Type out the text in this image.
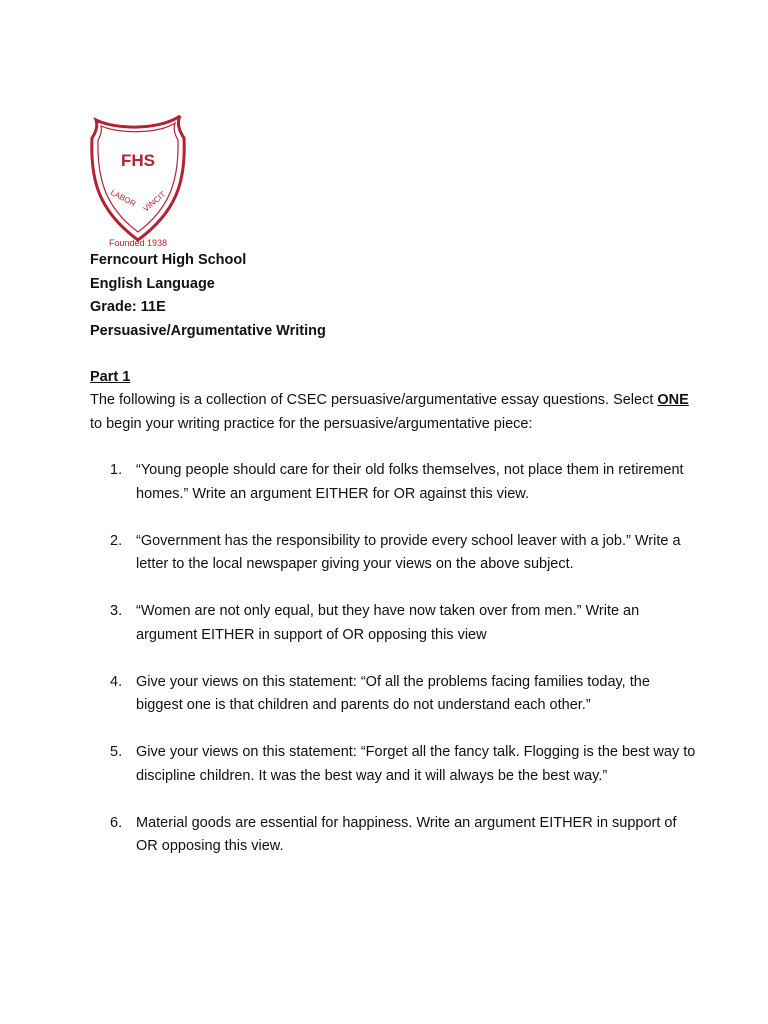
FHS
LABOR VINCIT
Founded 1938
Ferncourt High School
English Language
Grade: 11E
Persuasive/Argumentative Writing
Part 1
The following is a collection of CSEC persuasive/argumentative essay questions. Select ONE to begin your writing practice for the persuasive/argumentative piece:
1. “Young people should care for their old folks themselves, not place them in retirement homes.” Write an argument EITHER for OR against this view.
2. “Government has the responsibility to provide every school leaver with a job.” Write a letter to the local newspaper giving your views on the above subject.
3. “Women are not only equal, but they have now taken over from men.” Write an argument EITHER in support of OR opposing this view
4. Give your views on this statement: “Of all the problems facing families today, the biggest one is that children and parents do not understand each other.”
5. Give your views on this statement: “Forget all the fancy talk. Flogging is the best way to discipline children. It was the best way and it will always be the best way.”
6. Material goods are essential for happiness. Write an argument EITHER in support of OR opposing this view.
